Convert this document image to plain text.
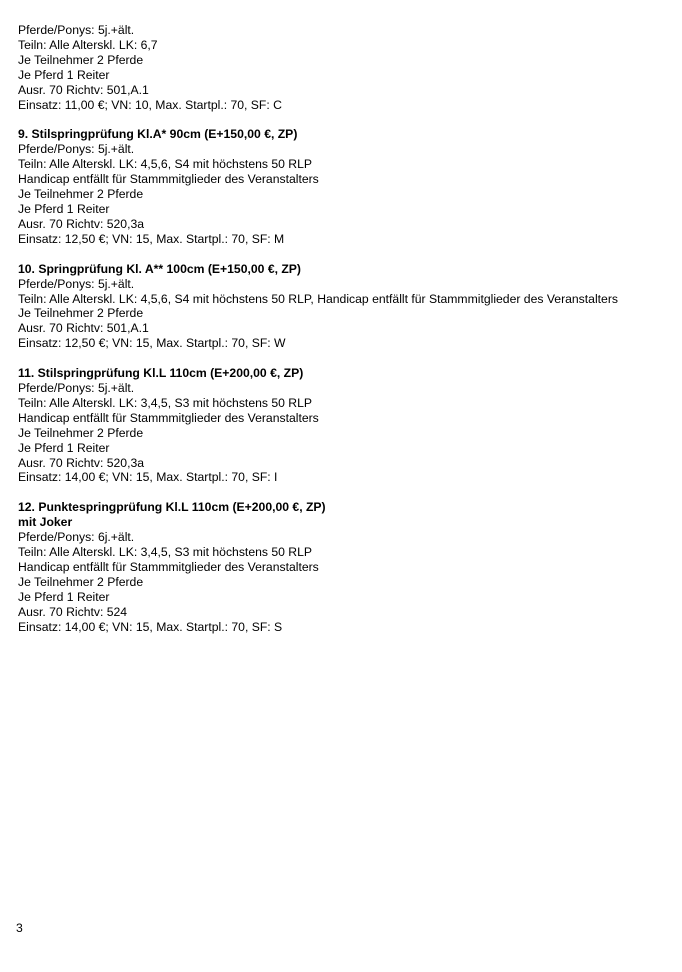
Pferde/Ponys: 5j.+ält.
Teiln: Alle Alterskl. LK: 6,7
Je Teilnehmer 2 Pferde
Je Pferd 1 Reiter
Ausr. 70 Richtv: 501,A.1
Einsatz: 11,00 €; VN: 10, Max. Startpl.: 70, SF: C
9. Stilspringprüfung Kl.A* 90cm (E+150,00 €, ZP)
Pferde/Ponys: 5j.+ält.
Teiln: Alle Alterskl. LK: 4,5,6, S4 mit höchstens 50 RLP
Handicap entfällt für Stammmitglieder des Veranstalters
Je Teilnehmer 2 Pferde
Je Pferd 1 Reiter
Ausr. 70 Richtv: 520,3a
Einsatz: 12,50 €; VN: 15, Max. Startpl.: 70, SF: M
10. Springprüfung Kl. A** 100cm (E+150,00 €, ZP)
Pferde/Ponys: 5j.+ält.
Teiln: Alle Alterskl. LK: 4,5,6, S4 mit höchstens 50 RLP, Handicap entfällt für Stammmitglieder des Veranstalters
Je Teilnehmer 2 Pferde
Ausr. 70 Richtv: 501,A.1
Einsatz: 12,50 €; VN: 15, Max. Startpl.: 70, SF: W
11. Stilspringprüfung Kl.L 110cm (E+200,00 €, ZP)
Pferde/Ponys: 5j.+ält.
Teiln: Alle Alterskl. LK: 3,4,5, S3 mit höchstens 50 RLP
Handicap entfällt für Stammmitglieder des Veranstalters
Je Teilnehmer 2 Pferde
Je Pferd 1 Reiter
Ausr. 70 Richtv: 520,3a
Einsatz: 14,00 €; VN: 15, Max. Startpl.: 70, SF: I
12. Punktespringprüfung Kl.L 110cm (E+200,00 €, ZP)
mit Joker
Pferde/Ponys: 6j.+ält.
Teiln: Alle Alterskl. LK: 3,4,5, S3 mit höchstens 50 RLP
Handicap entfällt für Stammmitglieder des Veranstalters
Je Teilnehmer 2 Pferde
Je Pferd 1 Reiter
Ausr. 70 Richtv: 524
Einsatz: 14,00 €; VN: 15, Max. Startpl.: 70, SF: S
3
